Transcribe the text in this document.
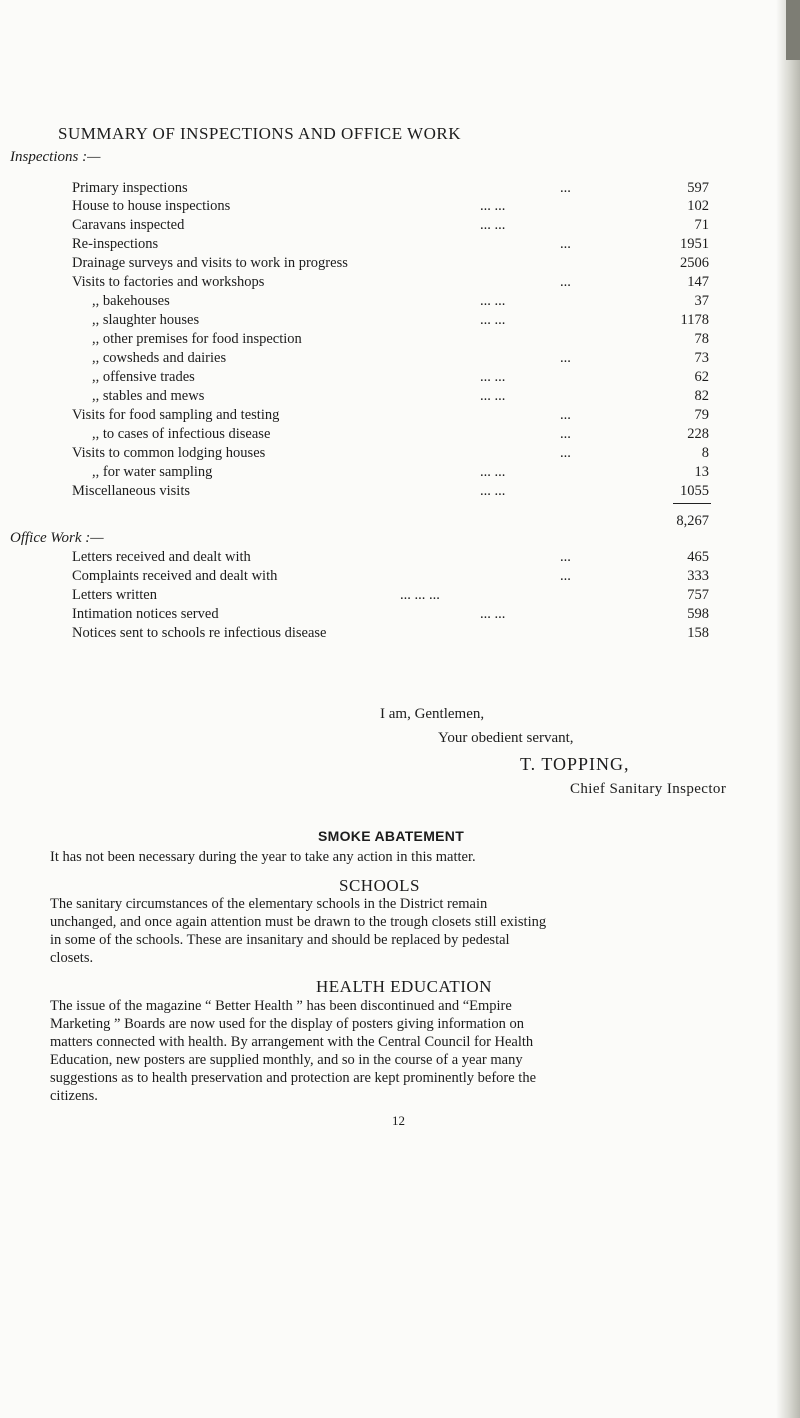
SUMMARY OF INSPECTIONS AND OFFICE WORK
Inspections :—
Primary inspections	...	597
House to house inspections	... ...	102
Caravans inspected	... ...	71
Re-inspections	...	1951
Drainage surveys and visits to work in progress	2506
Visits to factories and workshops	...	147
,, bakehouses	... ...	37
,, slaughter houses	... ...	1178
,, other premises for food inspection	78
,, cowsheds and dairies	...	73
,, offensive trades	... ...	62
,, stables and mews	... ...	82
Visits for food sampling and testing	...	79
,, to cases of infectious disease	...	228
Visits to common lodging houses	...	8
,, for water sampling	... ...	13
Miscellaneous visits	... ...	1055
8,267
Office Work :—
Letters received and dealt with	...	465
Complaints received and dealt with	...	333
Letters written	... ... ...	757
Intimation notices served	... ...	598
Notices sent to schools re infectious disease	158
I am, Gentlemen,
Your obedient servant,
T. TOPPING,
Chief Sanitary Inspector
SMOKE ABATEMENT
It has not been necessary during the year to take any action in this matter.
SCHOOLS
The sanitary circumstances of the elementary schools in the District remain
unchanged, and once again attention must be drawn to the trough closets still existing
in some of the schools. These are insanitary and should be replaced by pedestal
closets.
HEALTH EDUCATION
The issue of the magazine “ Better Health ” has been discontinued and “Empire
Marketing ” Boards are now used for the display of posters giving information on
matters connected with health. By arrangement with the Central Council for Health
Education, new posters are supplied monthly, and so in the course of a year many
suggestions as to health preservation and protection are kept prominently before the
citizens.
12
